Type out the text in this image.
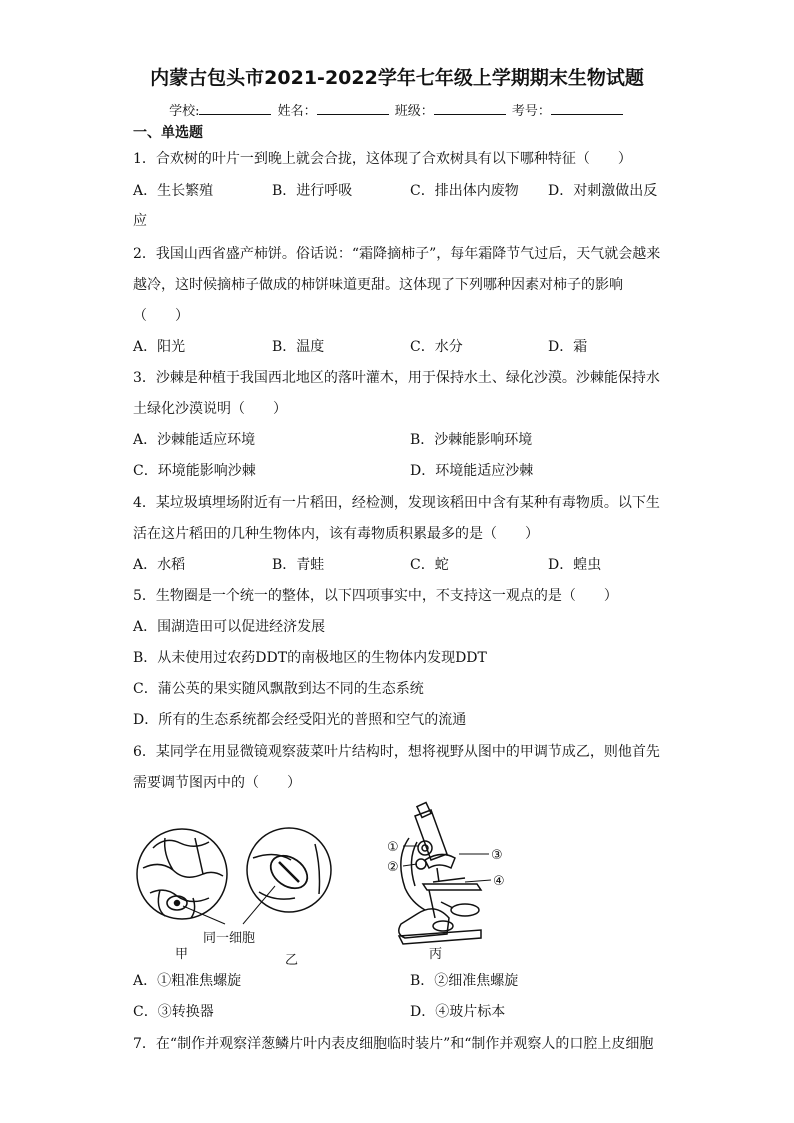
内蒙古包头市2021-2022学年七年级上学期期末生物试题
学校:	姓名：	班级：	考号：
一、单选题
1．合欢树的叶片一到晚上就会合拢，这体现了合欢树具有以下哪种特征（　　）
A．生长繁殖	B．进行呼吸	C．排出体内废物 D．对刺激做出反
应
2．我国山西省盛产柿饼。俗话说：“霜降摘柿子”，每年霜降节气过后，天气就会越来
越冷，这时候摘柿子做成的柿饼味道更甜。这体现了下列哪种因素对柿子的影响
（　　）
A．阳光	B．温度	C．水分	D．霜
3．沙棘是种植于我国西北地区的落叶灌木，用于保持水土、绿化沙漠。沙棘能保持水
土绿化沙漠说明（　　）
A．沙棘能适应环境	B．沙棘能影响环境
C．环境能影响沙棘	D．环境能适应沙棘
4．某垃圾填埋场附近有一片稻田，经检测，发现该稻田中含有某种有毒物质。以下生
活在这片稻田的几种生物体内，该有毒物质积累最多的是（　　）
A．水稻	B．青蛙	C．蛇	D．蝗虫
5．生物圈是一个统一的整体，以下四项事实中，不支持这一观点的是（　　）
A．围湖造田可以促进经济发展
B．从未使用过农药DDT的南极地区的生物体内发现DDT
C．蒲公英的果实随风飘散到达不同的生态系统
D．所有的生态系统都会经受阳光的普照和空气的流通
6．某同学在用显微镜观察菠菜叶片结构时，想将视野从图中的甲调节成乙，则他首先
需要调节图丙中的（　　）
同一细胞
甲	乙
①
②
③
④
丙
A．①粗准焦螺旋	B．②细准焦螺旋
C．③转换器	D．④玻片标本
7．在“制作并观察洋葱鳞片叶内表皮细胞临时装片”和“制作并观察人的口腔上皮细胞
